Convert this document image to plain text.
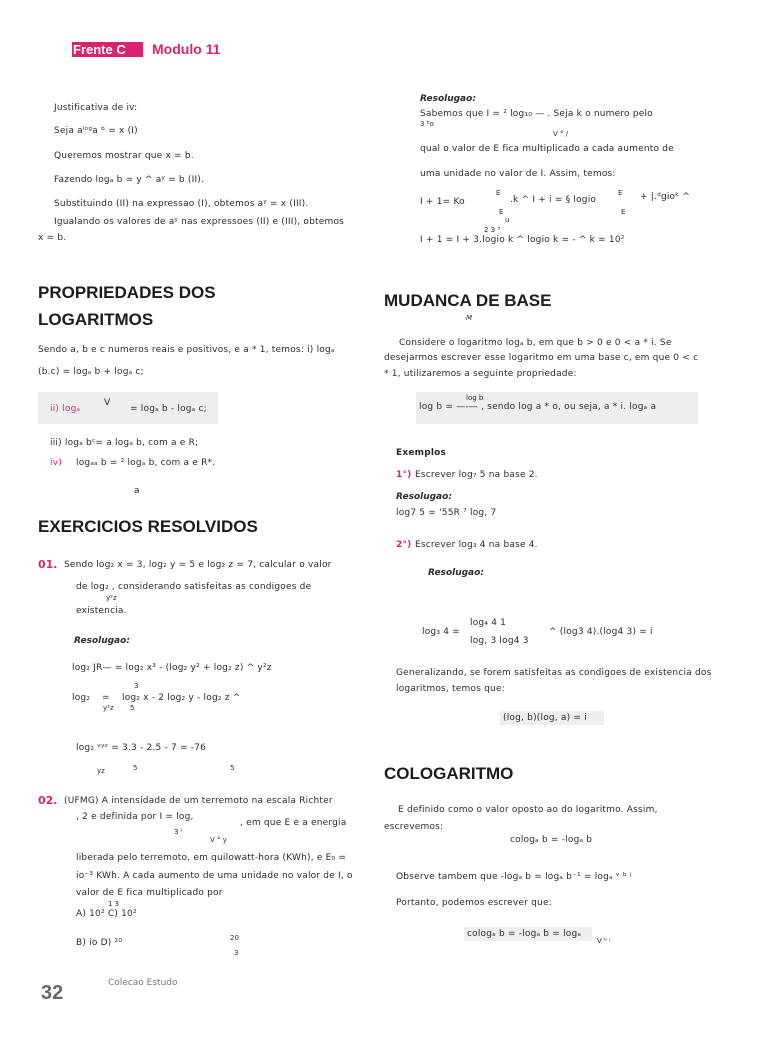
Frente C	Modulo 11
Justificativa de iv:
Seja aˡᵒᵍa ᵇ = x (I)
Queremos mostrar que x = b.
Fazendo logₐ b = y ^ aʸ = b (II).
Substituindo (II) na expressao (I), obtemos aʸ = x (III).
Igualando os valores de aʸ nas expressoes (II) e (III), obtemos
x = b.
PROPRIEDADES DOS
LOGARITMOS
Sendo a, b e c numeros reais e positivos, e a * 1, temos: i) logₐ
(b.c) = logₐ b + logₐ c;
V
ii) logₐ	= logₐ b - logₐ c;
iii) logₐ bᶜ= a logₐ b, com a e R;
iv) logₐₐ b = ² logₐ b, com a e R*.
a
EXERCICIOS RESOLVIDOS
01. Sendo log₂ x = 3, log₂ y = 5 e log₂ z = 7, calcular o valor
de log₂ , considerando satisfeitas as condigoes de
y²z
existencia.
Resolugao:
log₂ JR— = log₂ x³ - (log₂ y² + log₂ z) ^ y²z
3
log₂ = log₂ x - 2 log₂ y - log₂ z ^
y²z 5
log₂ ᵛʸᶻ = 3.3 - 2.5 - 7 = -76
yz	5	5
02. (UFMG) A intensidade de um terremoto na escala Richter
, 2 e definida por I = log,
, em que E e a energia
3 ˡ
V ° y
liberada pelo terremoto, em quilowatt-hora (KWh), e E₀ =
io⁻³ KWh. A cada aumento de uma unidade no valor de I, o
valor de E fica multiplicado por
1 3
A) 10² C) 10²
B) io D) ²⁰	20
3
Resolugao:
Sabemos que I = ² log₁₀ — . Seja k o numero pelo
3 ᴱo
V ° /
qual o valor de E fica multiplicado a cada aumento de
uma unidade no valor de I. Assim, temos:
E	E
I + 1= Ko	.k ^ I + i = § logio	+ |.ᵈgioᵏ ^
E	E
u
2 3 ³
I + 1 = I + 3.logio k ^ logio k = - ^ k = 10²
MUDANCA DE BASE
M
Considere o logaritmo logₐ b, em que b > 0 e 0 < a * i. Se
desejarmos escrever esse logaritmo em uma base c, em que 0 < c
* 1, utilizaremos a seguinte propriedade:
log b
log b = —-— , sendo log a * o, ou seja, a * i. logₐ a
Exemplos
1°) Escrever log₇ 5 na base 2.
Resolugao:
log7 5 = '55R ⁷ log, 7
2°) Escrever log₃ 4 na base 4.
Resolugao:
log₄ 4 1
log₃ 4 =	^ (log3 4).(log4 3) = i
log, 3 log4 3
Generalizando, se forem satisfeitas as condigoes de existencia dos
logaritmos, temos que:
(log, b)(log, a) = i
COLOGARITMO
E definido como o valor oposto ao do logaritmo. Assim,
escrevemos:
cologₐ b = -logₐ b
Observe tambem que -logₐ b = logₐ b⁻¹ = logₐ ᵛ ᵇ ʲ
Portanto, podemos escrever que:
cologₐ b = -logₐ b = logₐ
V ᵇ ʲ
32	Colecao Estudo
